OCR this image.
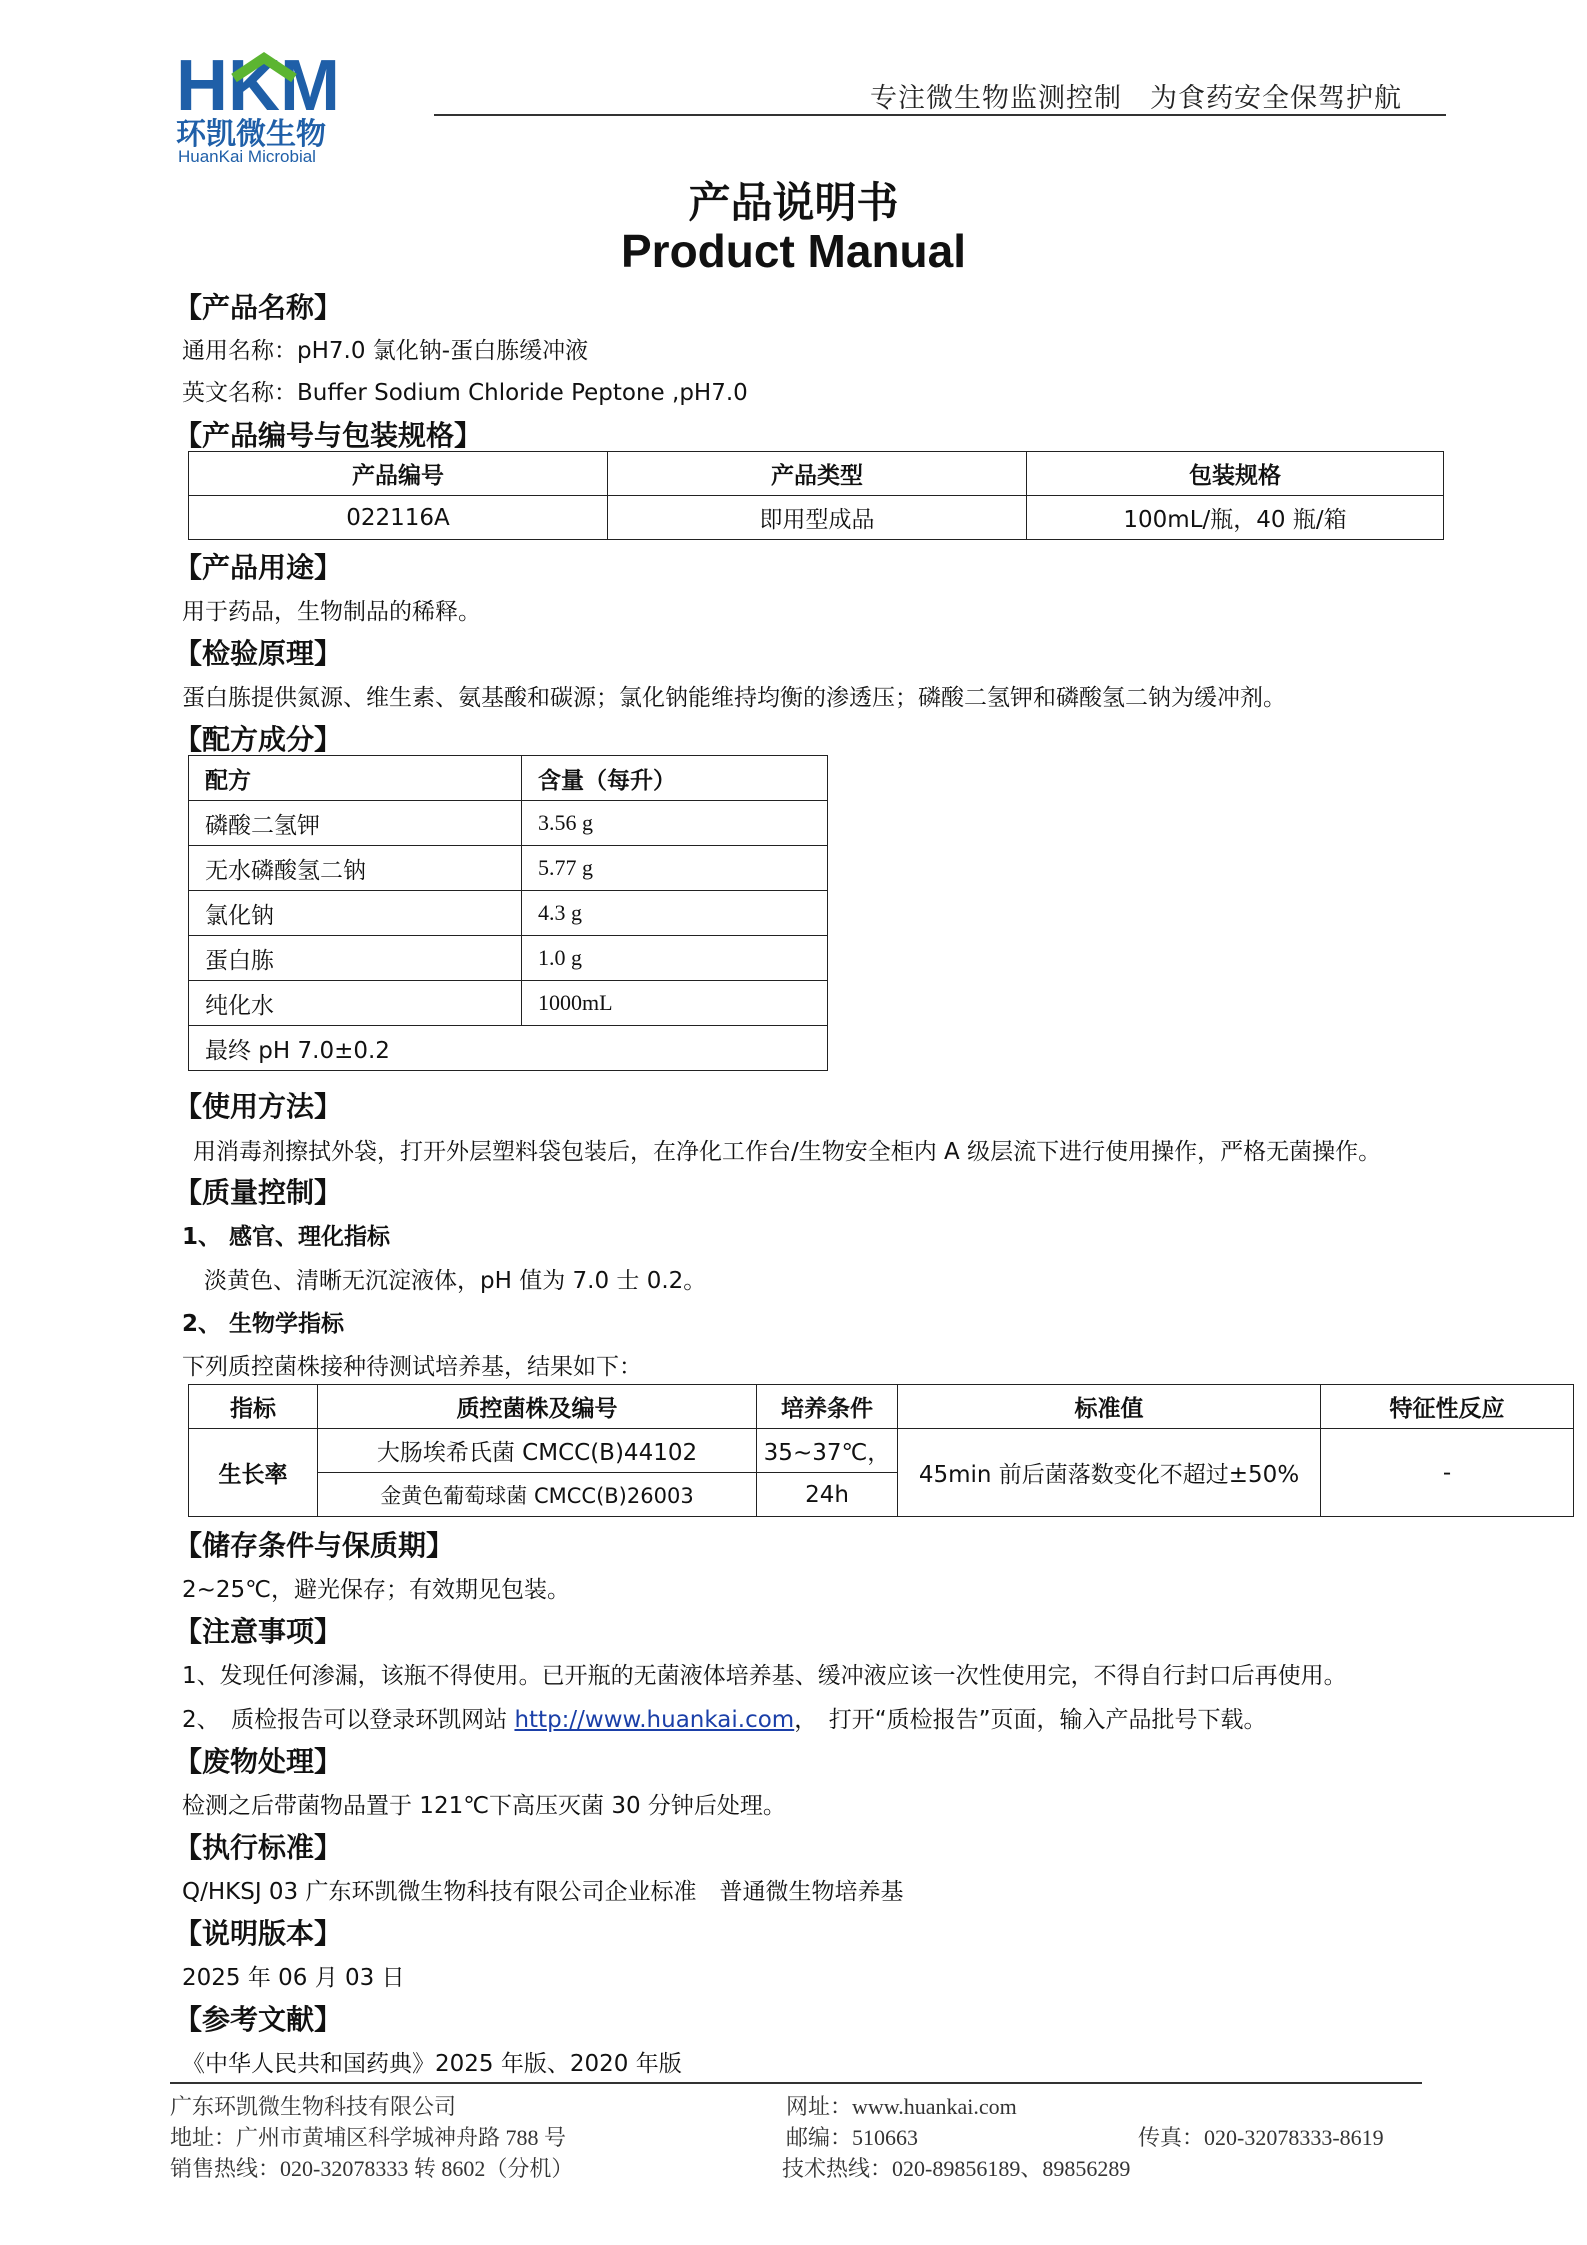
HKM
环凯微生物
HuanKai Microbial
专注微生物监测控制　为食药安全保驾护航
产品说明书
Product Manual
【产品名称】
通用名称：pH7.0 氯化钠-蛋白胨缓冲液
英文名称：Buffer Sodium Chloride Peptone ,pH7.0
【产品编号与包装规格】
产品编号	产品类型	包装规格
022116A	即用型成品	100mL/瓶，40 瓶/箱
【产品用途】
用于药品，生物制品的稀释。
【检验原理】
蛋白胨提供氮源、维生素、氨基酸和碳源；氯化钠能维持均衡的渗透压；磷酸二氢钾和磷酸氢二钠为缓冲剂。
【配方成分】
配方	含量（每升）
磷酸二氢钾	3.56 g
无水磷酸氢二钠	5.77 g
氯化钠	4.3 g
蛋白胨	1.0 g
纯化水	1000mL
最终 pH 7.0±0.2	
【使用方法】
用消毒剂擦拭外袋，打开外层塑料袋包装后，在净化工作台/生物安全柜内 A 级层流下进行使用操作，严格无菌操作。
【质量控制】
1、 感官、理化指标
淡黄色、清晰无沉淀液体，pH 值为 7.0 士 0.2。
2、 生物学指标
下列质控菌株接种待测试培养基，结果如下：
指标	质控菌株及编号	培养条件	标准值	特征性反应
生长率	大肠埃希氏菌 CMCC(B)44102	35~37℃，	45min 前后菌落数变化不超过±50%	-
	金黄色葡萄球菌 CMCC(B)26003	24h		
【储存条件与保质期】
2~25℃，避光保存；有效期见包装。
【注意事项】
1、发现任何渗漏，该瓶不得使用。已开瓶的无菌液体培养基、缓冲液应该一次性使用完，不得自行封口后再使用。
2、　质检报告可以登录环凯网站 http://www.huankai.com，　打开“质检报告”页面，输入产品批号下载。
【废物处理】
检测之后带菌物品置于 121℃下高压灭菌 30 分钟后处理。
【执行标准】
Q/HKSJ 03 广东环凯微生物科技有限公司企业标准　普通微生物培养基
【说明版本】
2025 年 06 月 03 日
【参考文献】
《中华人民共和国药典》2025 年版、2020 年版
广东环凯微生物科技有限公司
地址：广州市黄埔区科学城神舟路 788 号
销售热线：020-32078333 转 8602（分机）
网址：www.huankai.com
邮编：510663	传真：020-32078333-8619
技术热线：020-89856189、89856289
